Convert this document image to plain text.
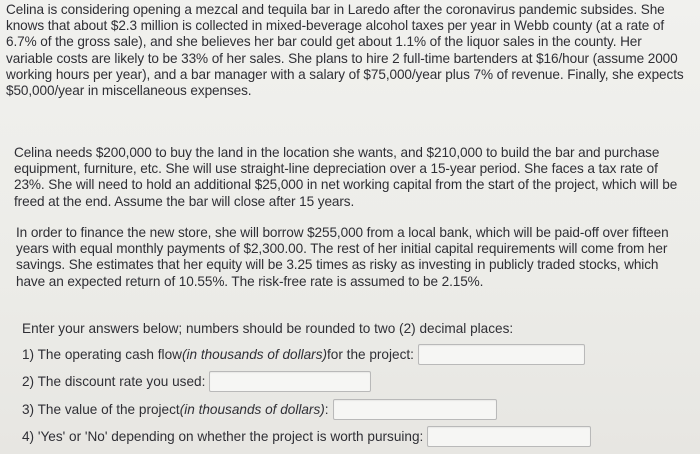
Celina is considering opening a mezcal and tequila bar in Laredo after the coronavirus pandemic subsides. She knows that about $2.3 million is collected in mixed-beverage alcohol taxes per year in Webb county (at a rate of 6.7% of the gross sale), and she believes her bar could get about 1.1% of the liquor sales in the county. Her variable costs are likely to be 33% of her sales. She plans to hire 2 full-time bartenders at $16/hour (assume 2000 working hours per year), and a bar manager with a salary of $75,000/year plus 7% of revenue. Finally, she expects $50,000/year in miscellaneous expenses.

Celina needs $200,000 to buy the land in the location she wants, and $210,000 to build the bar and purchase equipment, furniture, etc. She will use straight-line depreciation over a 15-year period. She faces a tax rate of 23%. She will need to hold an additional $25,000 in net working capital from the start of the project, which will be freed at the end. Assume the bar will close after 15 years.

In order to finance the new store, she will borrow $255,000 from a local bank, which will be paid-off over fifteen years with equal monthly payments of $2,300.00. The rest of her initial capital requirements will come from her savings. She estimates that her equity will be 3.25 times as risky as investing in publicly traded stocks, which have an expected return of 10.55%. The risk-free rate is assumed to be 2.15%.

Enter your answers below; numbers should be rounded to two (2) decimal places:
1) The operating cash flow (in thousands of dollars) for the project:
2) The discount rate you used:
3) The value of the project (in thousands of dollars) :
4) 'Yes' or 'No' depending on whether the project is worth pursuing:
